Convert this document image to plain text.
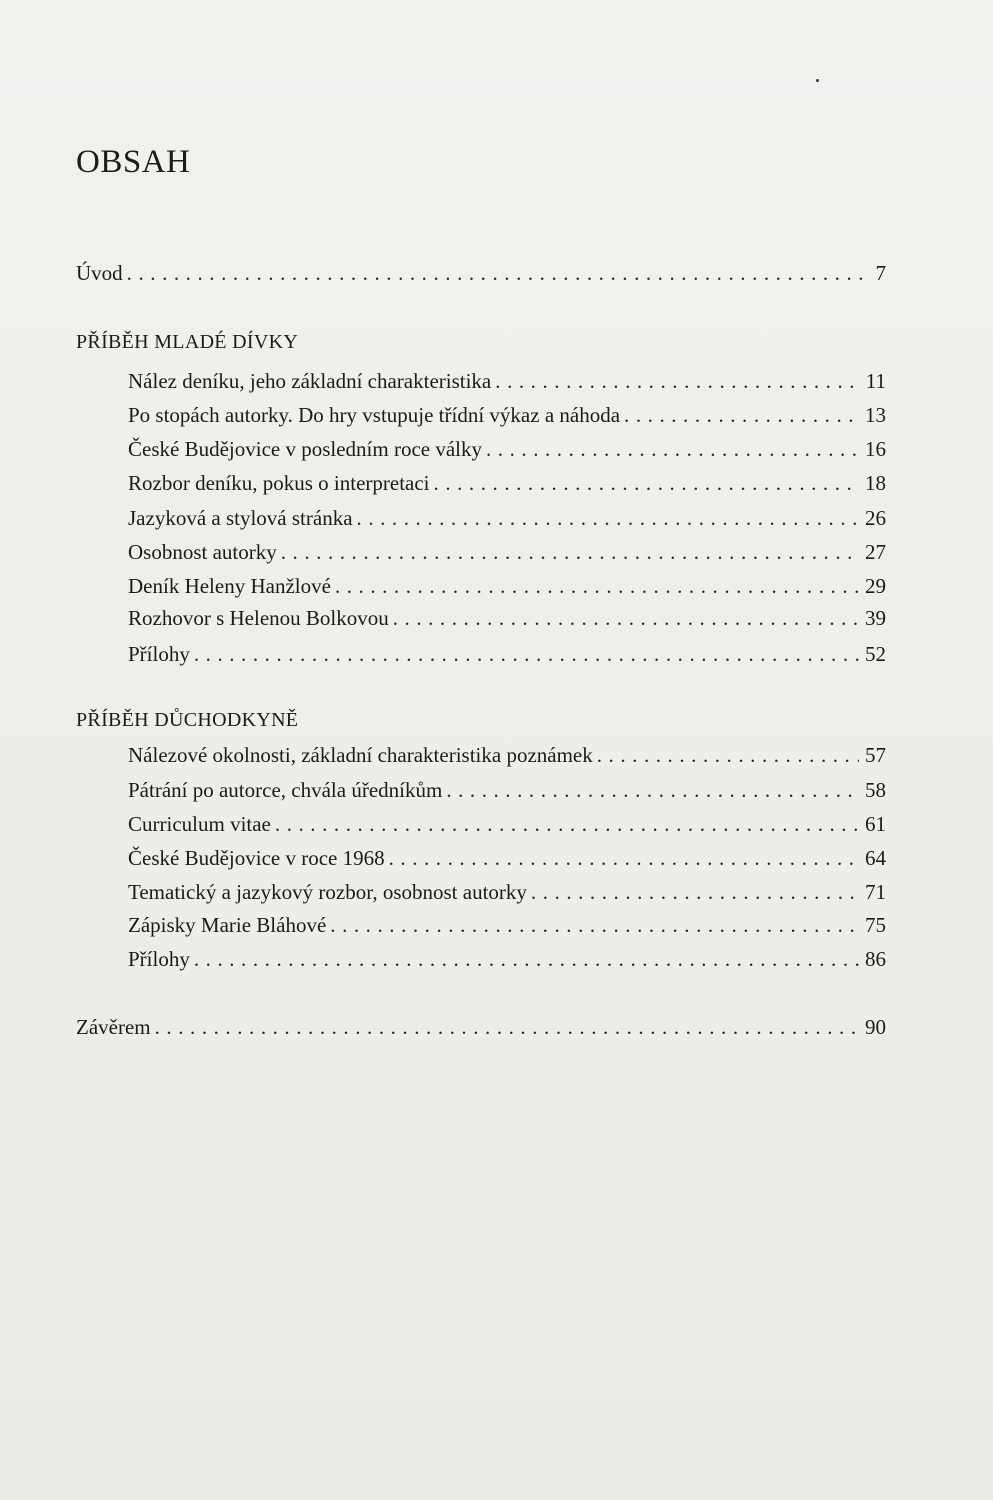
OBSAH
Úvod . . .	7
PŘÍBĚH MLADÉ DÍVKY
Nález deníku, jeho základní charakteristika . . .	11
Po stopách autorky. Do hry vstupuje třídní výkaz a náhoda . . .	13
České Budějovice v posledním roce války . . .	16
Rozbor deníku, pokus o interpretaci . . .	18
Jazyková a stylová stránka . . .	26
Osobnost autorky . . .	27
Deník Heleny Hanžlové . . .	29
Rozhovor s Helenou Bolkovou . . .	39
Přílohy . . .	52
PŘÍBĚH DŮCHODKYNĚ
Nálezové okolnosti, základní charakteristika poznámek . . .	57
Pátrání po autorce, chvála úředníkům . . .	58
Curriculum vitae . . .	61
České Budějovice v roce 1968 . . .	64
Tematický a jazykový rozbor, osobnost autorky . . .	71
Zápisky Marie Bláhové . . .	75
Přílohy . . .	86
Závěrem . . .	90
